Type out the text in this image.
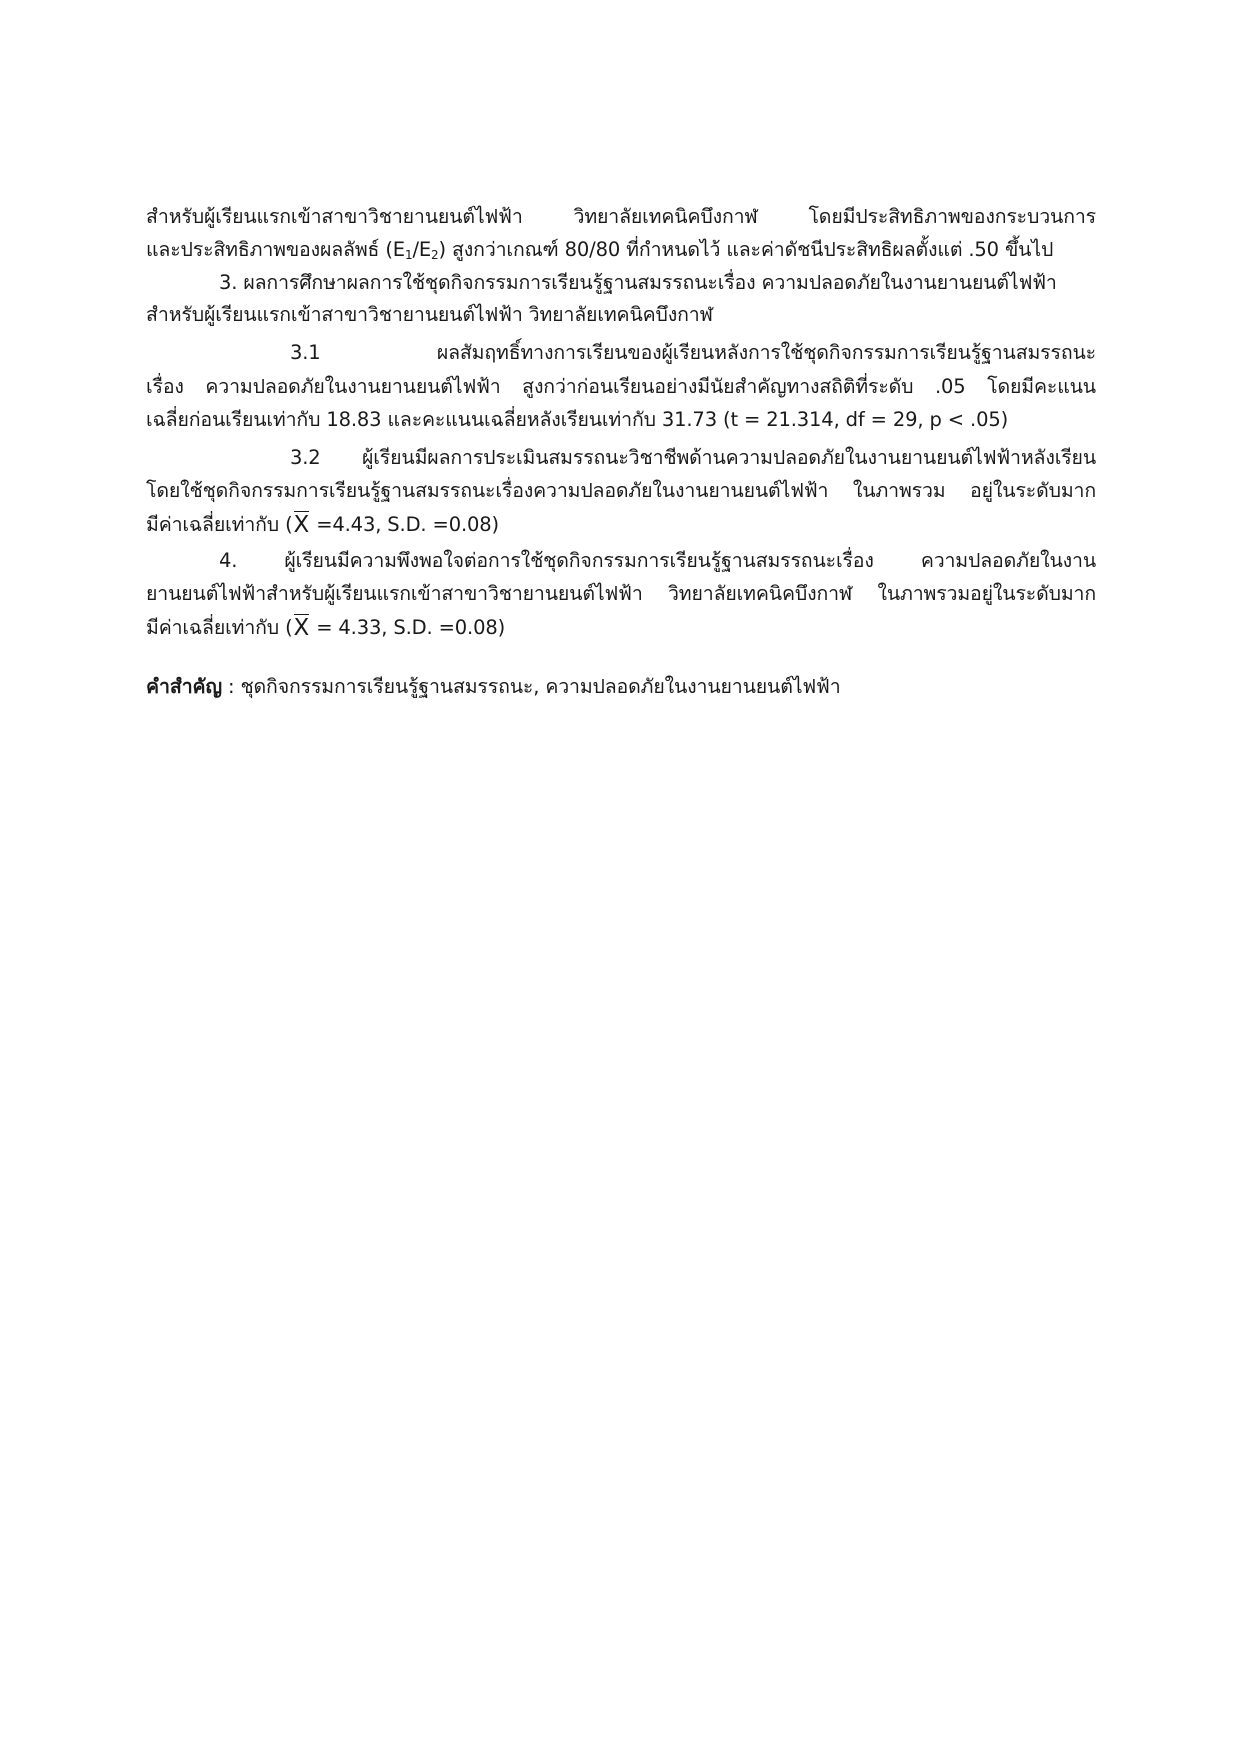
สำหรับผู้เรียนแรกเข้าสาขาวิชายานยนต์ไฟฟ้า วิทยาลัยเทคนิคบึงกาฬ โดยมีประสิทธิภาพของกระบวนการ
และประสิทธิภาพของผลลัพธ์ $(E_1/E_2)$ สูงกว่าเกณฑ์ 80/80 ที่กำหนดไว้ และค่าดัชนีประสิทธิผลตั้งแต่ .50 ขึ้นไป
3. ผลการศึกษาผลการใช้ชุดกิจกรรมการเรียนรู้ฐานสมรรถนะเรื่อง ความปลอดภัยในงานยานยนต์ไฟฟ้า
สำหรับผู้เรียนแรกเข้าสาขาวิชายานยนต์ไฟฟ้า วิทยาลัยเทคนิคบึงกาฬ
3.1 ผลสัมฤทธิ์ทางการเรียนของผู้เรียนหลังการใช้ชุดกิจกรรมการเรียนรู้ฐานสมรรถนะ
เรื่อง ความปลอดภัยในงานยานยนต์ไฟฟ้า สูงกว่าก่อนเรียนอย่างมีนัยสำคัญทางสถิติที่ระดับ .05 โดยมีคะแนน
เฉลี่ยก่อนเรียนเท่ากับ 18.83 และคะแนนเฉลี่ยหลังเรียนเท่ากับ 31.73 (t = 21.314, df = 29, p < .05)
3.2 ผู้เรียนมีผลการประเมินสมรรถนะวิชาชีพด้านความปลอดภัยในงานยานยนต์ไฟฟ้าหลังเรียน
โดยใช้ชุดกิจกรรมการเรียนรู้ฐานสมรรถนะเรื่องความปลอดภัยในงานยานยนต์ไฟฟ้า ในภาพรวม อยู่ในระดับมาก
มีค่าเฉลี่ยเท่ากับ (X =4.43, S.D. =0.08)
4. ผู้เรียนมีความพึงพอใจต่อการใช้ชุดกิจกรรมการเรียนรู้ฐานสมรรถนะเรื่อง ความปลอดภัยในงาน
ยานยนต์ไฟฟ้าสำหรับผู้เรียนแรกเข้าสาขาวิชายานยนต์ไฟฟ้า วิทยาลัยเทคนิคบึงกาฬ ในภาพรวมอยู่ในระดับมาก
มีค่าเฉลี่ยเท่ากับ (X = 4.33, S.D. =0.08)
คำสำคัญ : ชุดกิจกรรมการเรียนรู้ฐานสมรรถนะ, ความปลอดภัยในงานยานยนต์ไฟฟ้า
